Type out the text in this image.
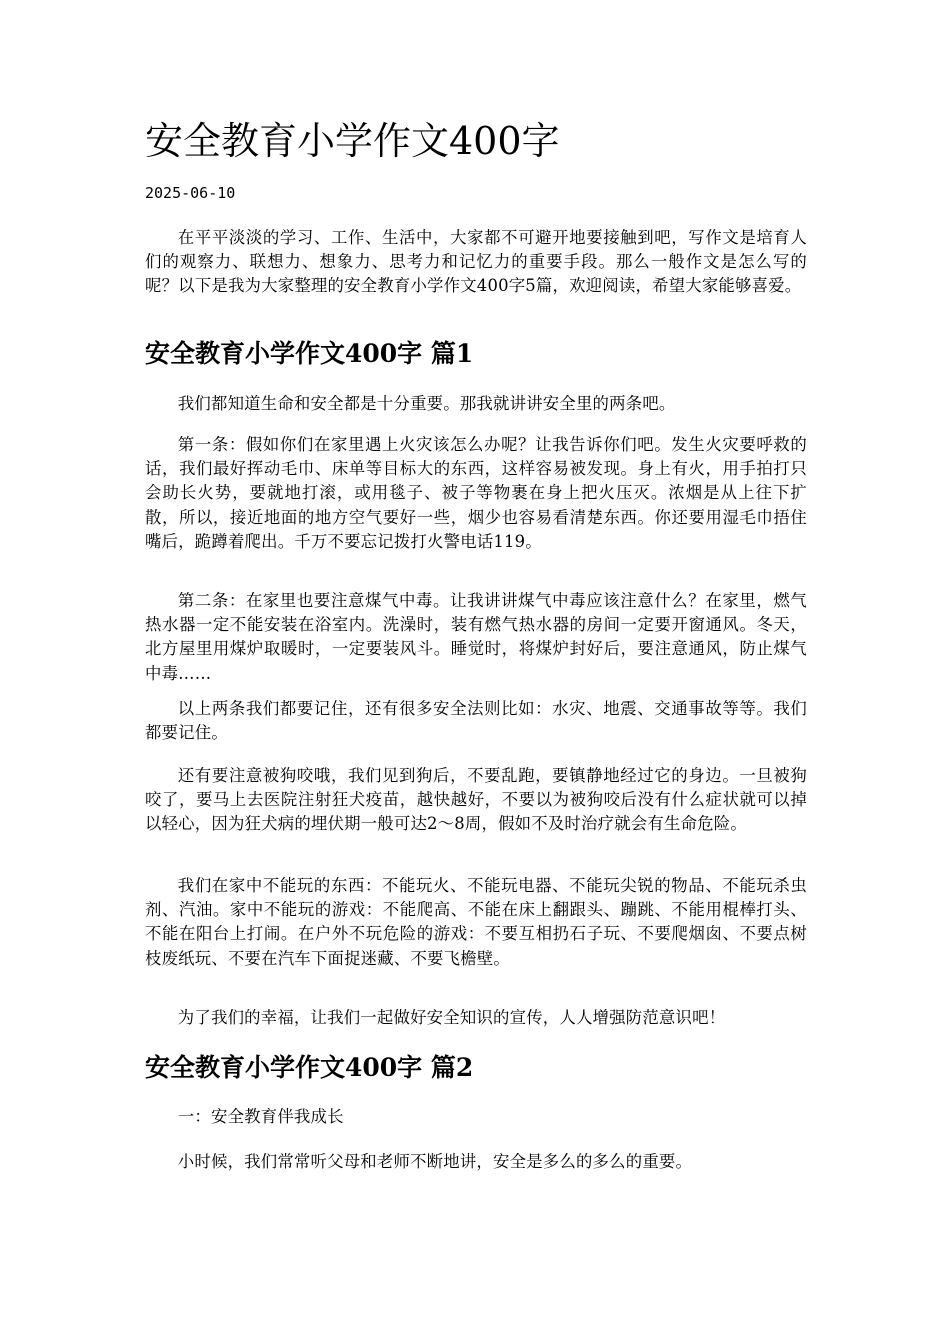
安全教育小学作文400字
2025-06-10

在平平淡淡的学习、工作、生活中，大家都不可避开地要接触到吧，写作文是培育人们的观察力、联想力、想象力、思考力和记忆力的重要手段。那么一般作文是怎么写的呢？以下是我为大家整理的安全教育小学作文400字5篇，欢迎阅读，希望大家能够喜爱。

安全教育小学作文400字 篇1

我们都知道生命和安全都是十分重要。那我就讲讲安全里的两条吧。

第一条：假如你们在家里遇上火灾该怎么办呢？让我告诉你们吧。发生火灾要呼救的话，我们最好挥动毛巾、床单等目标大的东西，这样容易被发现。身上有火，用手拍打只会助长火势，要就地打滚，或用毯子、被子等物裹在身上把火压灭。浓烟是从上往下扩散，所以，接近地面的地方空气要好一些，烟少也容易看清楚东西。你还要用湿毛巾捂住嘴后，跪蹲着爬出。千万不要忘记拨打火警电话119。

第二条：在家里也要注意煤气中毒。让我讲讲煤气中毒应该注意什么？在家里，燃气热水器一定不能安装在浴室内。洗澡时，装有燃气热水器的房间一定要开窗通风。冬天，北方屋里用煤炉取暖时，一定要装风斗。睡觉时，将煤炉封好后，要注意通风，防止煤气中毒……

以上两条我们都要记住，还有很多安全法则比如：水灾、地震、交通事故等等。我们都要记住。

还有要注意被狗咬哦，我们见到狗后，不要乱跑，要镇静地经过它的身边。一旦被狗咬了，要马上去医院注射狂犬疫苗，越快越好，不要以为被狗咬后没有什么症状就可以掉以轻心，因为狂犬病的埋伏期一般可达2～8周，假如不及时治疗就会有生命危险。

我们在家中不能玩的东西：不能玩火、不能玩电器、不能玩尖锐的物品、不能玩杀虫剂、汽油。家中不能玩的游戏：不能爬高、不能在床上翻跟头、蹦跳、不能用棍棒打头、不能在阳台上打闹。在户外不玩危险的游戏：不要互相扔石子玩、不要爬烟囱、不要点树枝废纸玩、不要在汽车下面捉迷藏、不要飞檐壁。

为了我们的幸福，让我们一起做好安全知识的宣传，人人增强防范意识吧！

安全教育小学作文400字 篇2

一：安全教育伴我成长

小时候，我们常常听父母和老师不断地讲，安全是多么的多么的重要。
